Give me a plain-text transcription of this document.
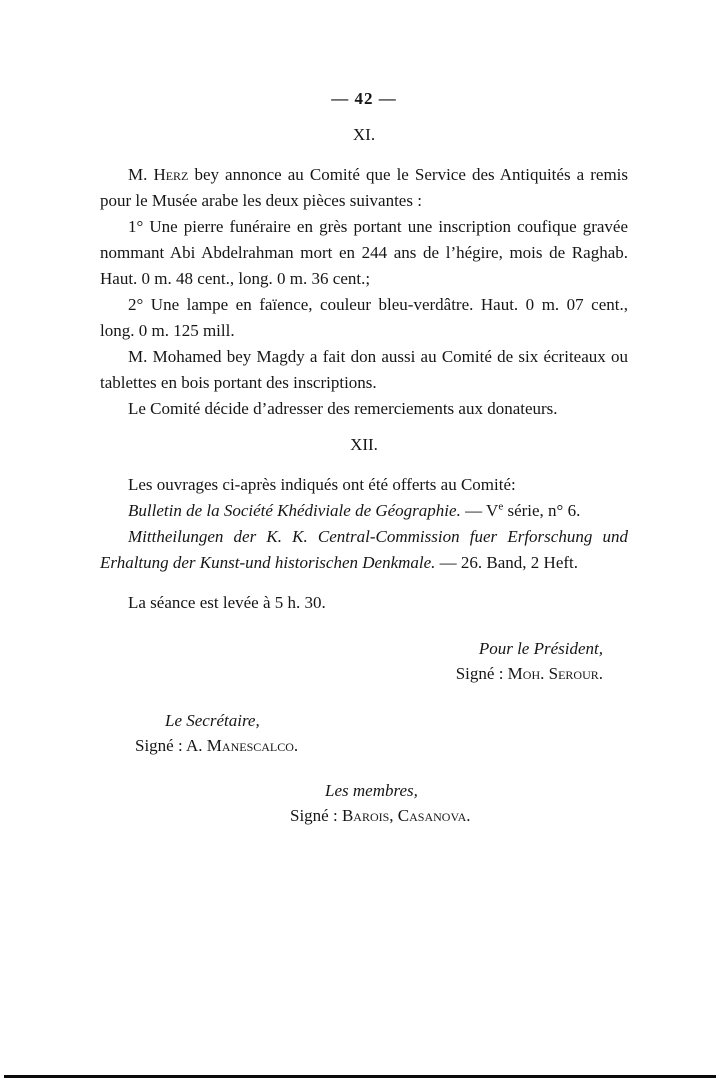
— 42 —

XI.

M. Herz bey annonce au Comité que le Service des Antiquités a remis pour le Musée arabe les deux pièces suivantes :

1° Une pierre funéraire en grès portant une inscription coufique gravée nommant Abi Abdelrahman mort en 244 ans de l’hégire, mois de Raghab. Haut. 0 m. 48 cent., long. 0 m. 36 cent.;

2° Une lampe en faïence, couleur bleu-verdâtre. Haut. 0 m. 07 cent., long. 0 m. 125 mill.

M. Mohamed bey Magdy a fait don aussi au Comité de six écriteaux ou tablettes en bois portant des inscriptions.

Le Comité décide d’adresser des remerciements aux donateurs.

XII.

Les ouvrages ci-après indiqués ont été offerts au Comité:

Bulletin de la Société Khédiviale de Géographie. — Ve série, n° 6.

Mittheilungen der K. K. Central-Commission fuer Erforschung und Erhaltung der Kunst-und historischen Denkmale. — 26. Band, 2 Heft.

La séance est levée à 5 h. 30.

Pour le Président,
Signé : Moh. Serour.
Le Secrétaire,
Signé : A. Manescalco.
Les membres,
Signé : Barois, Casanova.
